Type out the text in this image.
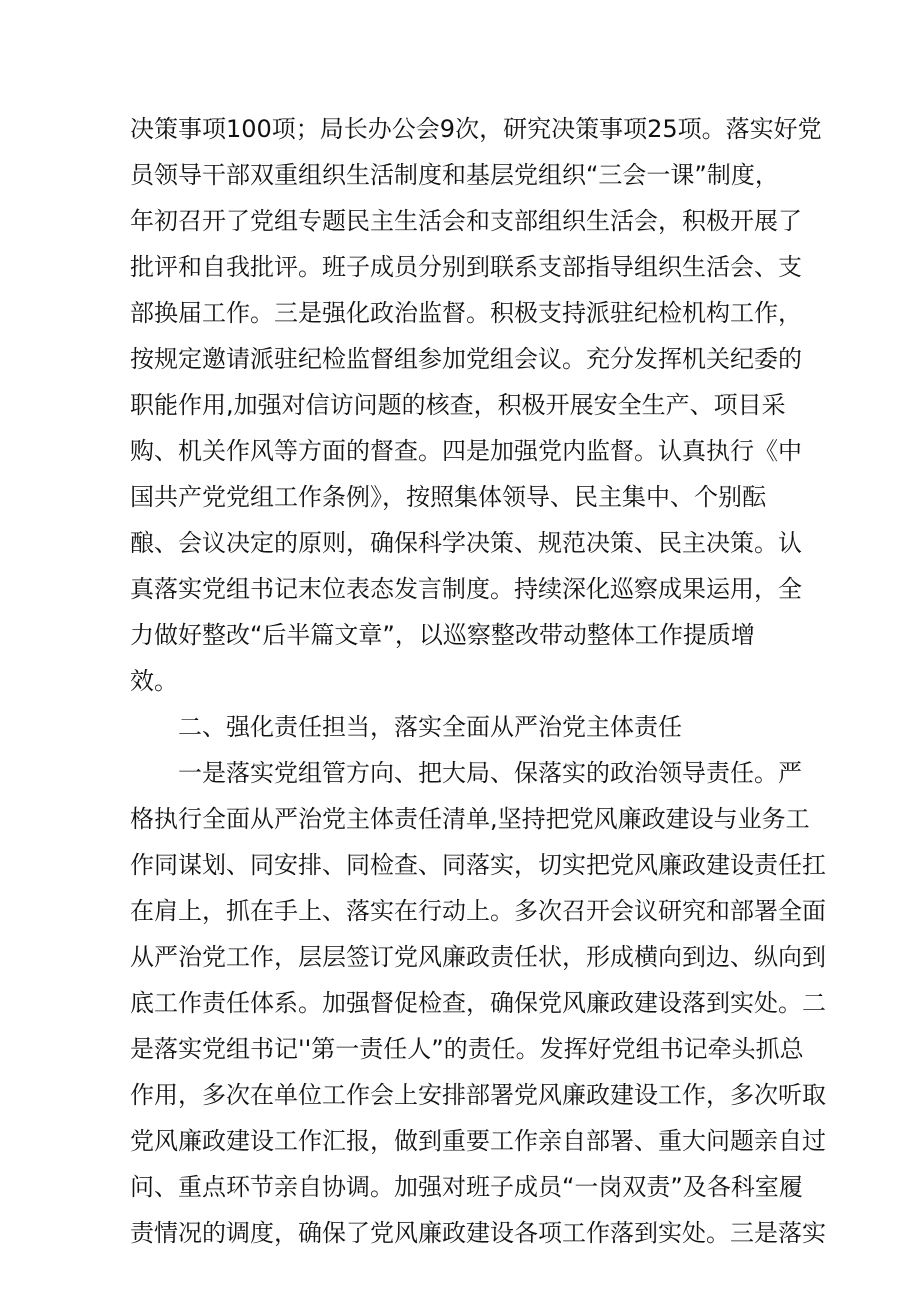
决策事项100项；局长办公会9次，研究决策事项25项。落实好党
员领导干部双重组织生活制度和基层党组织“三会一课”制度，
年初召开了党组专题民主生活会和支部组织生活会，积极开展了
批评和自我批评。班子成员分别到联系支部指导组织生活会、支
部换届工作。三是强化政治监督。积极支持派驻纪检机构工作，
按规定邀请派驻纪检监督组参加党组会议。充分发挥机关纪委的
职能作用,加强对信访问题的核查，积极开展安全生产、项目采
购、机关作风等方面的督查。四是加强党内监督。认真执行《中
国共产党党组工作条例》，按照集体领导、民主集中、个别酝
酿、会议决定的原则，确保科学决策、规范决策、民主决策。认
真落实党组书记末位表态发言制度。持续深化巡察成果运用，全
力做好整改“后半篇文章”，以巡察整改带动整体工作提质增
效。
二、强化责任担当，落实全面从严治党主体责任
一是落实党组管方向、把大局、保落实的政治领导责任。严
格执行全面从严治党主体责任清单,坚持把党风廉政建设与业务工
作同谋划、同安排、同检查、同落实，切实把党风廉政建设责任扛
在肩上，抓在手上、落实在行动上。多次召开会议研究和部署全面
从严治党工作，层层签订党风廉政责任状，形成横向到边、纵向到
底工作责任体系。加强督促检查，确保党风廉政建设落到实处。二
是落实党组书记''第一责任人”的责任。发挥好党组书记牵头抓总
作用，多次在单位工作会上安排部署党风廉政建设工作，多次听取
党风廉政建设工作汇报，做到重要工作亲自部署、重大问题亲自过
问、重点环节亲自协调。加强对班子成员“一岗双责”及各科室履
责情况的调度，确保了党风廉政建设各项工作落到实处。三是落实
